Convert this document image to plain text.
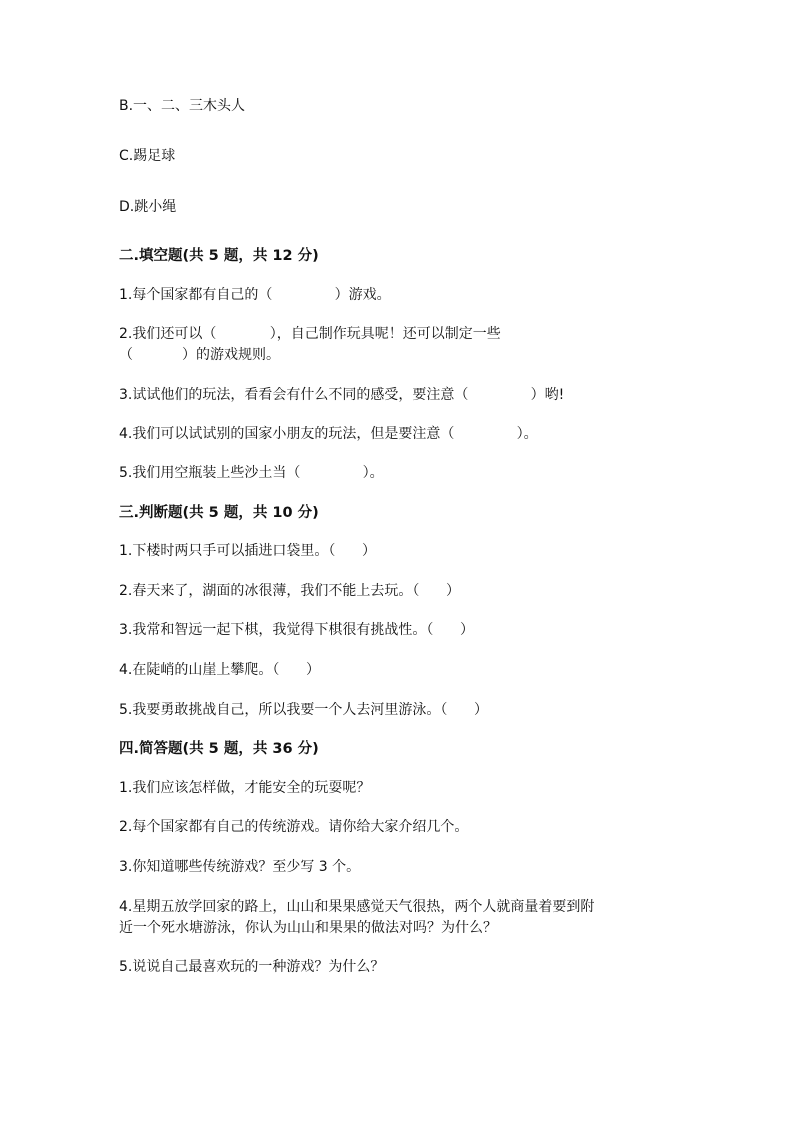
B.一、二、三木头人
C.踢足球
D.跳小绳
二.填空题(共 5 题，共 12 分)
1.每个国家都有自己的（              ）游戏。
2.我们还可以（            ），自己制作玩具呢！还可以制定一些
（           ）的游戏规则。
3.试试他们的玩法，看看会有什么不同的感受，要注意（              ）哟!
4.我们可以试试别的国家小朋友的玩法，但是要注意（              ）。
5.我们用空瓶装上些沙土当（              ）。
三.判断题(共 5 题，共 10 分)
1.下楼时两只手可以插进口袋里。（      ）
2.春天来了，湖面的冰很薄，我们不能上去玩。（      ）
3.我常和智远一起下棋，我觉得下棋很有挑战性。（      ）
4.在陡峭的山崖上攀爬。（      ）
5.我要勇敢挑战自己，所以我要一个人去河里游泳。（      ）
四.简答题(共 5 题，共 36 分)
1.我们应该怎样做，才能安全的玩耍呢？
2.每个国家都有自己的传统游戏。请你给大家介绍几个。
3.你知道哪些传统游戏？至少写 3 个。
4.星期五放学回家的路上，山山和果果感觉天气很热，两个人就商量着要到附
近一个死水塘游泳，你认为山山和果果的做法对吗？为什么？
5.说说自己最喜欢玩的一种游戏？为什么？
